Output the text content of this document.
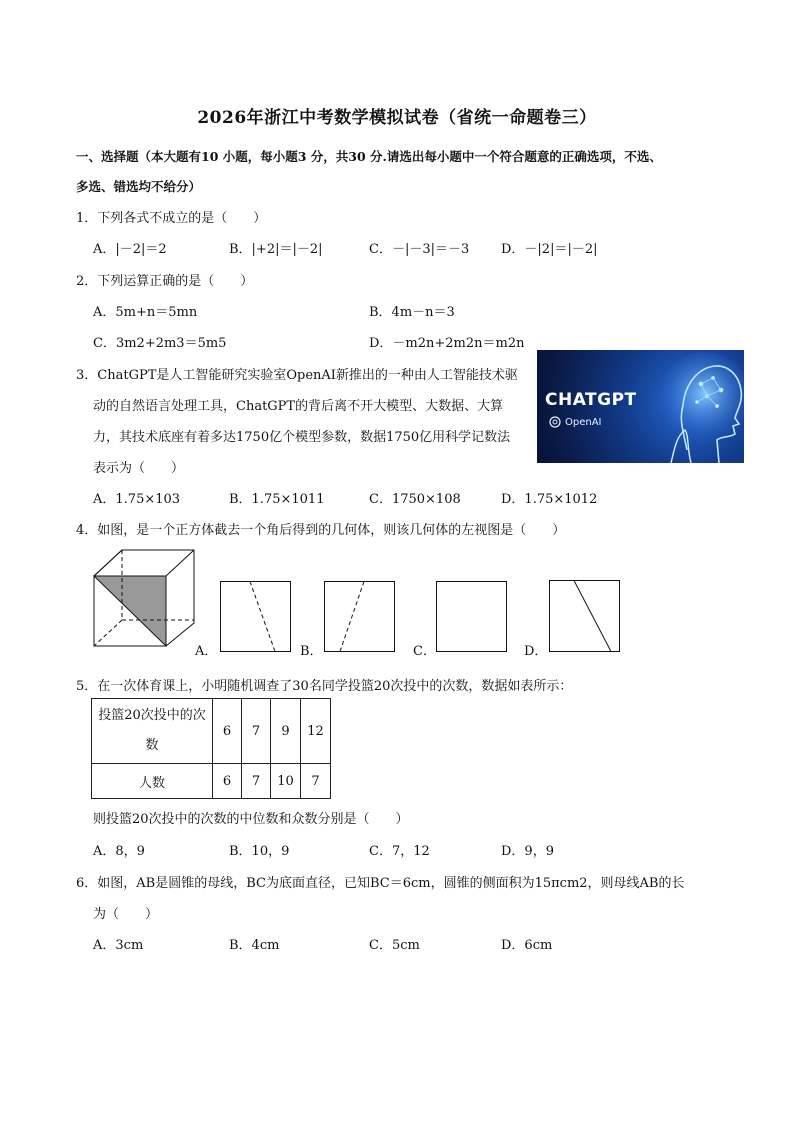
2026年浙江中考数学模拟试卷（省统一命题卷三）
一、选择题（本大题有10 小题，每小题3 分，共30 分.请选出每小题中一个符合题意的正确选项，不选、
多选、错选均不给分）
1．下列各式不成立的是（　　）
A．|－2|＝2	B．|+2|＝|－2|	C．－|－3|＝－3 D．－|2|＝|－2|
2．下列运算正确的是（　　）
A．5m+n＝5mn	B．4m－n＝3
C．3m2+2m3＝5m5	D．－m2n+2m2n＝m2n
3．ChatGPT是人工智能研究实验室OpenAI新推出的一种由人工智能技术驱
动的自然语言处理工具，ChatGPT的背后离不开大模型、大数据、大算
力，其技术底座有着多达1750亿个模型参数，数据1750亿用科学记数法
表示为（　　）
CHATGPT
OpenAI
A．1.75×103	B．1.75×1011	C．1750×108	D．1.75×1012
4．如图，是一个正方体截去一个角后得到的几何体，则该几何体的左视图是（　　）
A．	B．	C．	D．
5．在一次体育课上，小明随机调查了30名同学投篮20次投中的次数，数据如表所示：
投篮20次投中的次
数	6	7	9	12
人数	6	7	10	7
则投篮20次投中的次数的中位数和众数分别是（　　）
A．8，9	B．10，9	C．7，12	D．9，9
6．如图，AB是圆锥的母线，BC为底面直径，已知BC＝6cm，圆锥的侧面积为15πcm2，则母线AB的长
为（　　）
A．3cm	B．4cm	C．5cm	D．6cm
